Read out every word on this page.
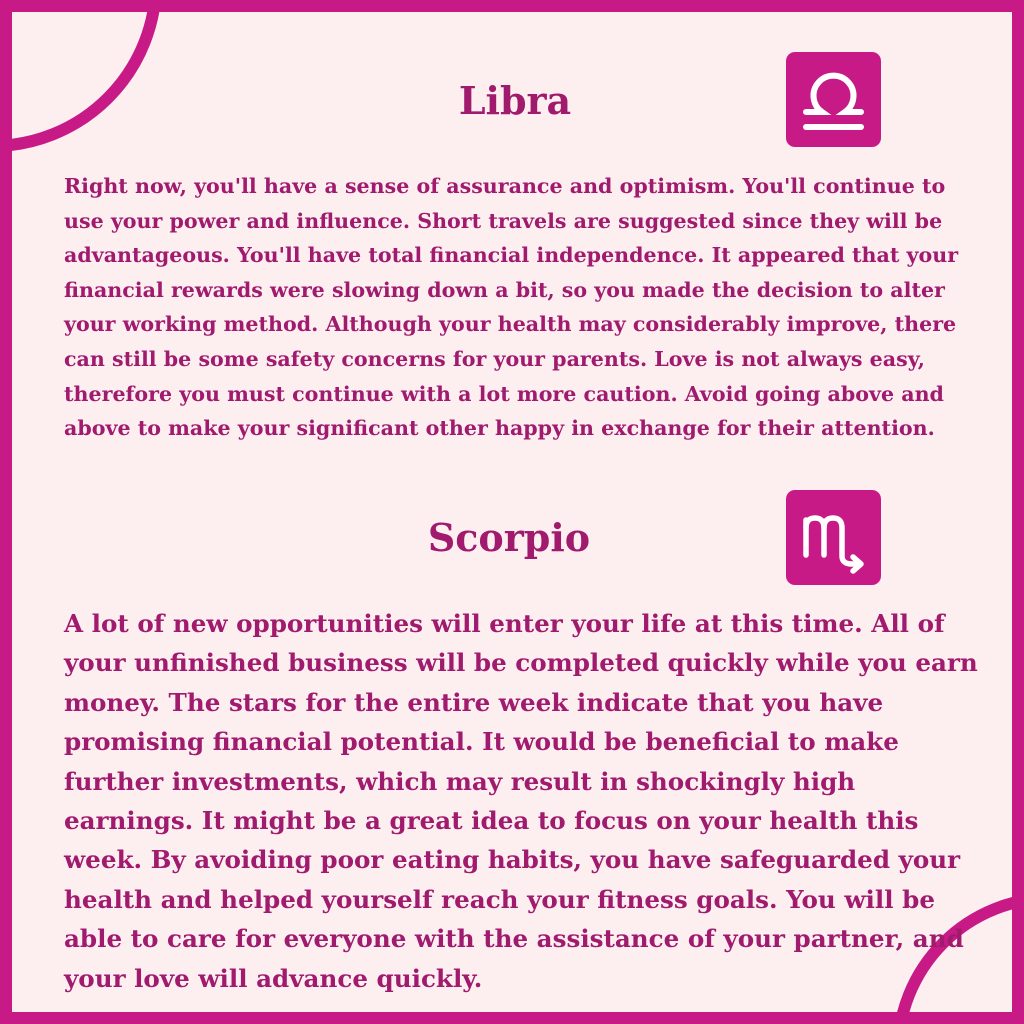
Libra

Right now, you'll have a sense of assurance and optimism. You'll continue to use your power and influence. Short travels are suggested since they will be advantageous. You'll have total financial independence. It appeared that your financial rewards were slowing down a bit, so you made the decision to alter your working method. Although your health may considerably improve, there can still be some safety concerns for your parents. Love is not always easy, therefore you must continue with a lot more caution. Avoid going above and above to make your significant other happy in exchange for their attention.

Scorpio

A lot of new opportunities will enter your life at this time. All of your unfinished business will be completed quickly while you earn money. The stars for the entire week indicate that you have promising financial potential. It would be beneficial to make further investments, which may result in shockingly high earnings. It might be a great idea to focus on your health this week. By avoiding poor eating habits, you have safeguarded your health and helped yourself reach your fitness goals. You will be able to care for everyone with the assistance of your partner, and your love will advance quickly.
